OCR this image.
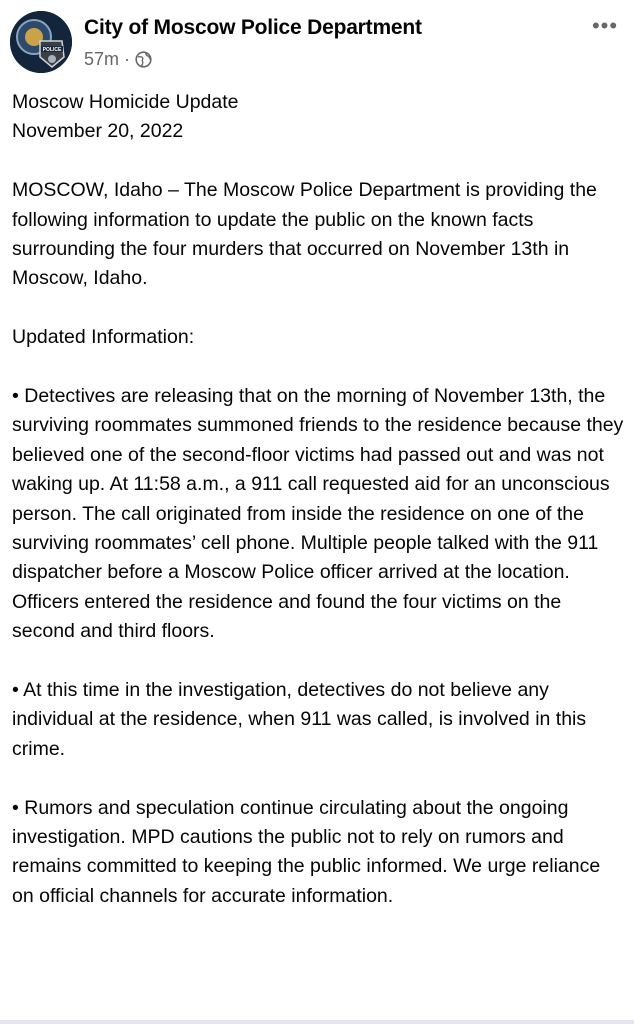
POLICE
City of Moscow Police Department
57m ·
•••

Moscow Homicide Update

November 20, 2022

MOSCOW, Idaho – The Moscow Police Department is providing the following information to update the public on the known facts surrounding the four murders that occurred on November 13th in Moscow, Idaho.

Updated Information:

• Detectives are releasing that on the morning of November 13th, the surviving roommates summoned friends to the residence because they believed one of the second-floor victims had passed out and was not waking up. At 11:58 a.m., a 911 call requested aid for an unconscious person. The call originated from inside the residence on one of the surviving roommates’ cell phone. Multiple people talked with the 911 dispatcher before a Moscow Police officer arrived at the location. Officers entered the residence and found the four victims on the second and third floors.

• At this time in the investigation, detectives do not believe any individual at the residence, when 911 was called, is involved in this crime.

• Rumors and speculation continue circulating about the ongoing investigation. MPD cautions the public not to rely on rumors and remains committed to keeping the public informed. We urge reliance on official channels for accurate information.
